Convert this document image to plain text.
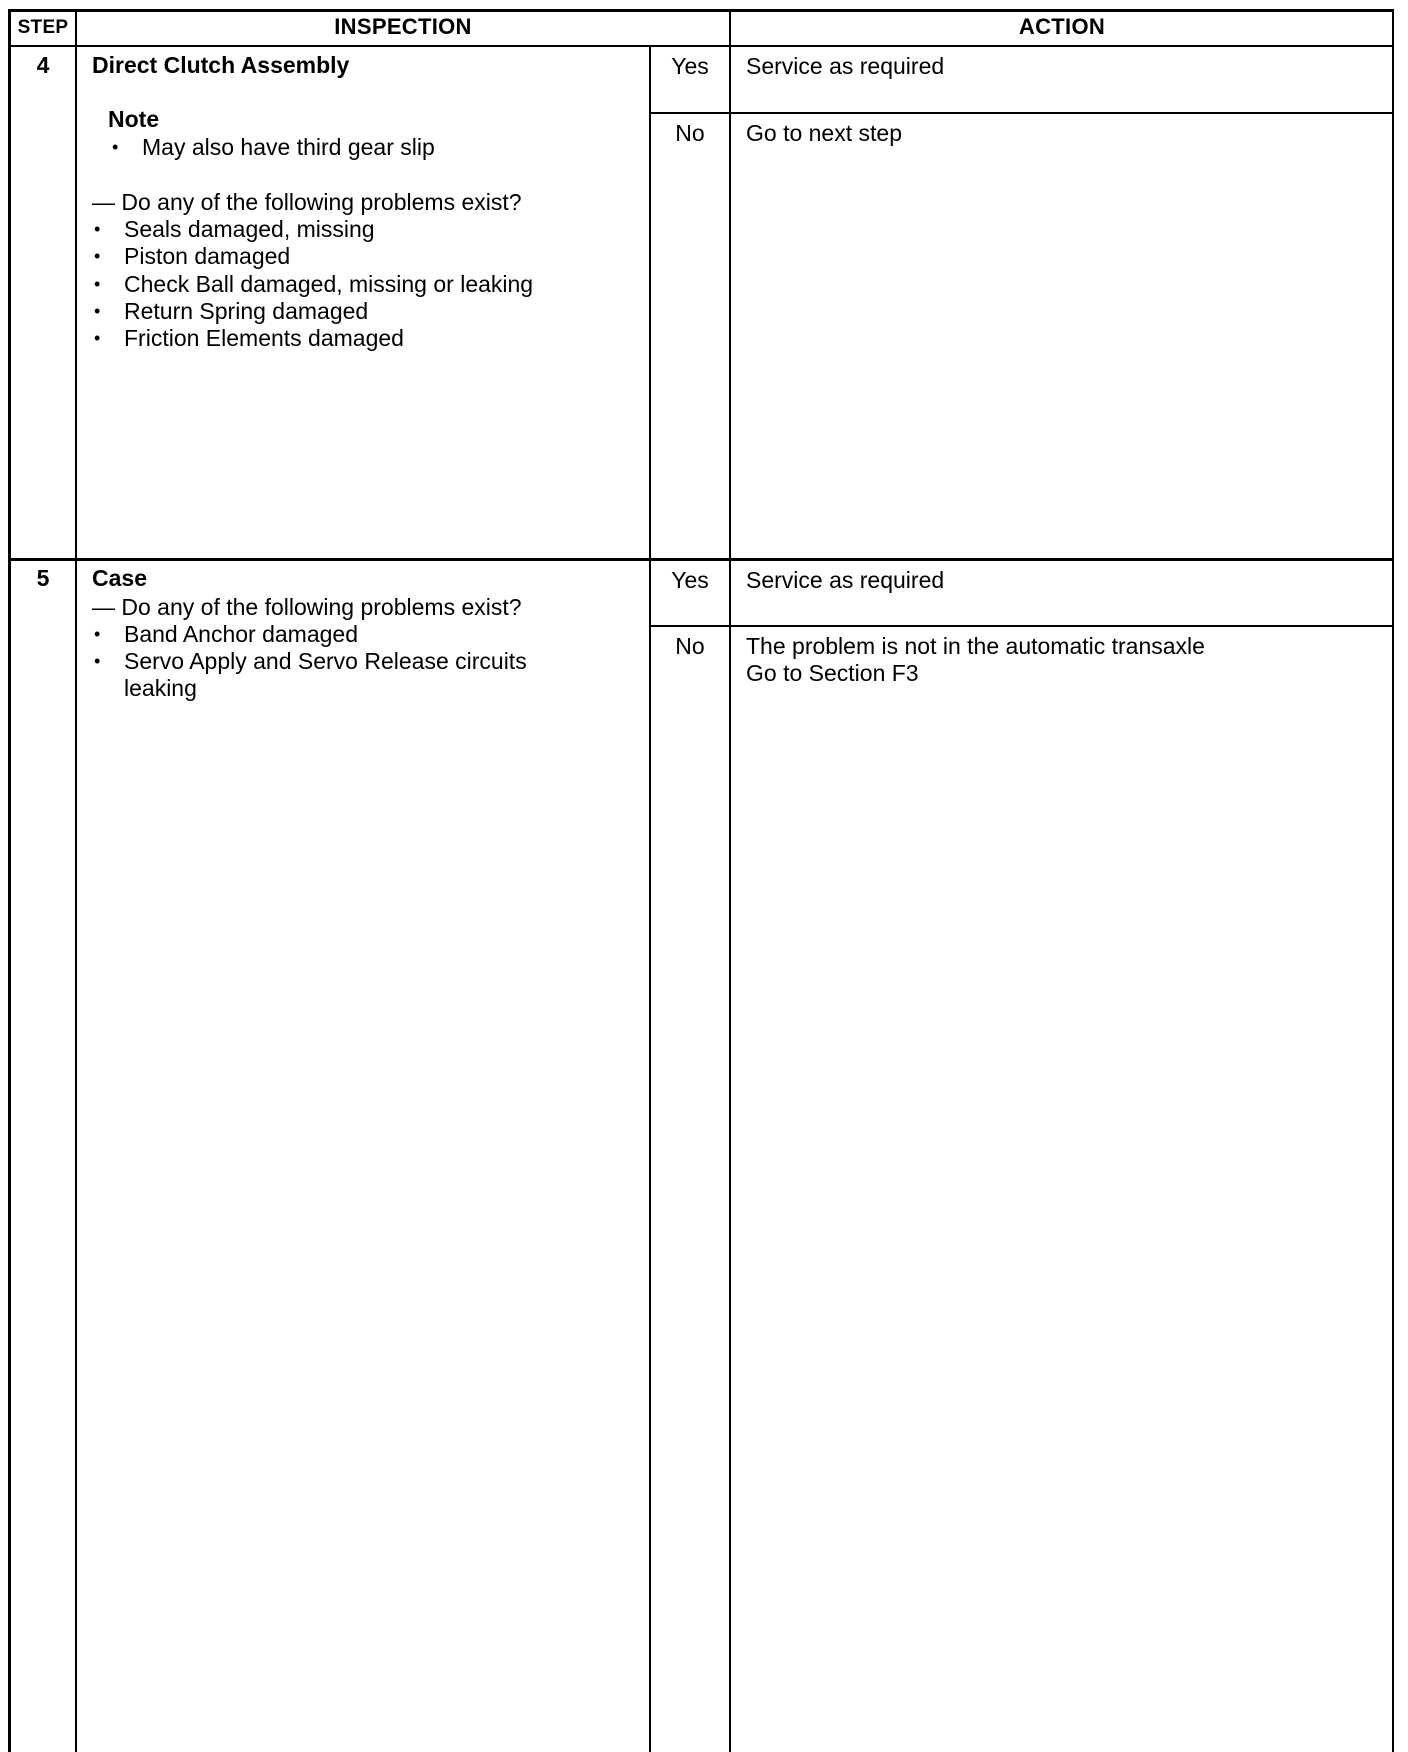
STEP	INSPECTION	ACTION
4	Direct Clutch Assembly
Note
• May also have third gear slip
— Do any of the following problems exist?
• Seals damaged, missing
• Piston damaged
• Check Ball damaged, missing or leaking
• Return Spring damaged
• Friction Elements damaged
Yes	Service as required
No	Go to next step
5	Case
— Do any of the following problems exist?
• Band Anchor damaged
• Servo Apply and Servo Release circuits
leaking
Yes	Service as required
No	The problem is not in the automatic transaxle
Go to Section F3
